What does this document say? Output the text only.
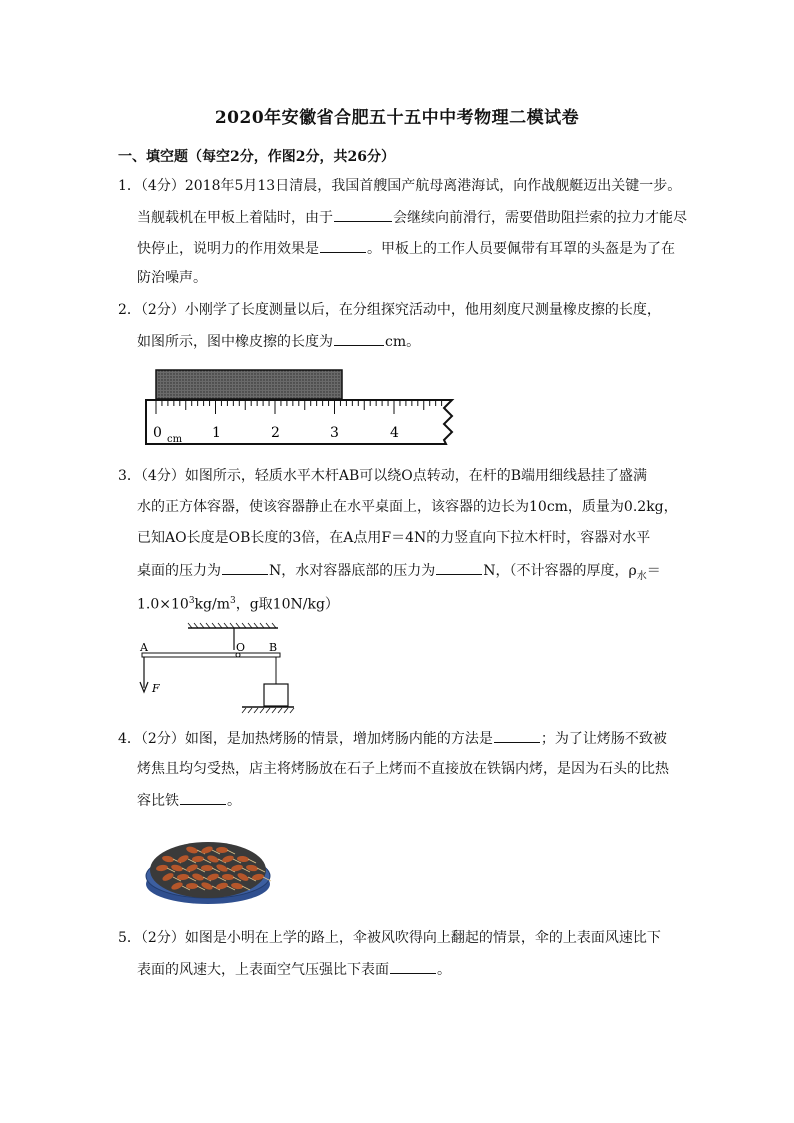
2020年安徽省合肥五十五中中考物理二模试卷
一、填空题（每空2分，作图2分，共26分）
1．（4分）2018年5月13日清晨，我国首艘国产航母离港海试，向作战舰艇迈出关键一步。
当舰载机在甲板上着陆时，由于	会继续向前滑行，需要借助阻拦索的拉力才能尽
快停止，说明力的作用效果是	。甲板上的工作人员要佩带有耳罩的头盔是为了在
防治噪声。
2．（2分）小刚学了长度测量以后，在分组探究活动中，他用刻度尺测量橡皮擦的长度，
如图所示，图中橡皮擦的长度为	cm。
0 cm 1	2	3	4
3．（4分）如图所示，轻质水平木杆AB可以绕O点转动，在杆的B端用细线悬挂了盛满
水的正方体容器，使该容器静止在水平桌面上，该容器的边长为10cm，质量为0.2kg，
已知AO长度是OB长度的3倍，在A点用F＝4N的力竖直向下拉木杆时，容器对水平
桌面的压力为	N，水对容器底部的压力为	N，（不计容器的厚度，$\rho_水=$
$1.0\times 10^3kg/m^3$，g取10N/kg）
A	O B
F
4．（2分）如图，是加热烤肠的情景，增加烤肠内能的方法是	；为了让烤肠不致被
烤焦且均匀受热，店主将烤肠放在石子上烤而不直接放在铁锅内烤，是因为石头的比热
容比铁	。
5．（2分）如图是小明在上学的路上，伞被风吹得向上翻起的情景，伞的上表面风速比下
表面的风速大，上表面空气压强比下表面	。
